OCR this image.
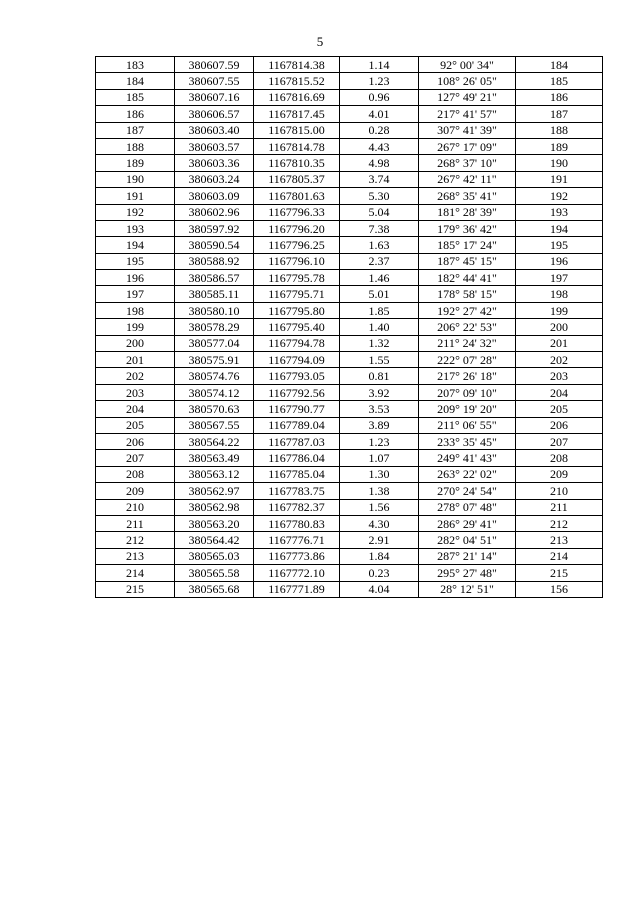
5
183	380607.59	1167814.38	1.14	92° 00' 34"	184
184	380607.55	1167815.52	1.23	108° 26' 05"	185
185	380607.16	1167816.69	0.96	127° 49' 21"	186
186	380606.57	1167817.45	4.01	217° 41' 57"	187
187	380603.40	1167815.00	0.28	307° 41' 39"	188
188	380603.57	1167814.78	4.43	267° 17' 09"	189
189	380603.36	1167810.35	4.98	268° 37' 10"	190
190	380603.24	1167805.37	3.74	267° 42' 11"	191
191	380603.09	1167801.63	5.30	268° 35' 41"	192
192	380602.96	1167796.33	5.04	181° 28' 39"	193
193	380597.92	1167796.20	7.38	179° 36' 42"	194
194	380590.54	1167796.25	1.63	185° 17' 24"	195
195	380588.92	1167796.10	2.37	187° 45' 15"	196
196	380586.57	1167795.78	1.46	182° 44' 41"	197
197	380585.11	1167795.71	5.01	178° 58' 15"	198
198	380580.10	1167795.80	1.85	192° 27' 42"	199
199	380578.29	1167795.40	1.40	206° 22' 53"	200
200	380577.04	1167794.78	1.32	211° 24' 32"	201
201	380575.91	1167794.09	1.55	222° 07' 28"	202
202	380574.76	1167793.05	0.81	217° 26' 18"	203
203	380574.12	1167792.56	3.92	207° 09' 10"	204
204	380570.63	1167790.77	3.53	209° 19' 20"	205
205	380567.55	1167789.04	3.89	211° 06' 55"	206
206	380564.22	1167787.03	1.23	233° 35' 45"	207
207	380563.49	1167786.04	1.07	249° 41' 43"	208
208	380563.12	1167785.04	1.30	263° 22' 02"	209
209	380562.97	1167783.75	1.38	270° 24' 54"	210
210	380562.98	1167782.37	1.56	278° 07' 48"	211
211	380563.20	1167780.83	4.30	286° 29' 41"	212
212	380564.42	1167776.71	2.91	282° 04' 51"	213
213	380565.03	1167773.86	1.84	287° 21' 14"	214
214	380565.58	1167772.10	0.23	295° 27' 48"	215
215	380565.68	1167771.89	4.04	28° 12' 51"	156
